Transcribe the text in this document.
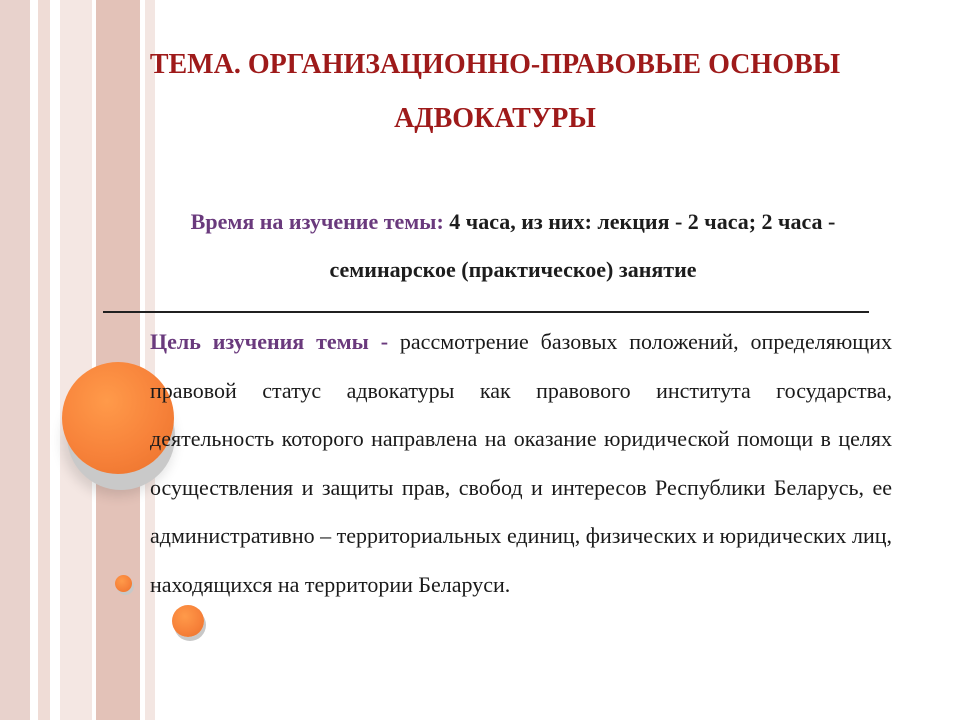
ТЕМА. ОРГАНИЗАЦИОННО-ПРАВОВЫЕ ОСНОВЫ
АДВОКАТУРЫ
Время на изучение темы: 4 часа, из них: лекция - 2 часа; 2 часа -
семинарское (практическое) занятие
Цель изучения темы - рассмотрение базовых положений, определяющих правовой статус адвокатуры как правового института государства, деятельность которого направлена на оказание юридической помощи в целях осуществления и защиты прав, свобод и интересов Республики Беларусь, ее административно – территориальных единиц, физических и юридических лиц, находящихся на территории Беларуси.
